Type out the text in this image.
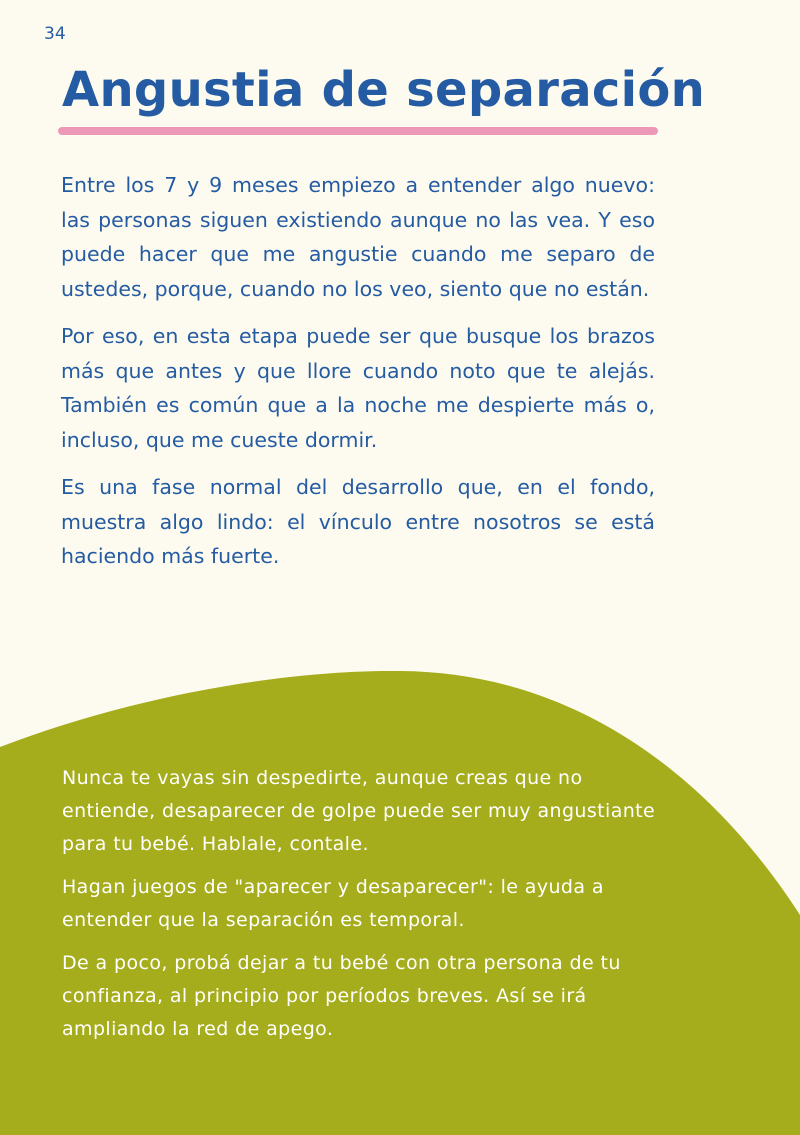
34
Angustia de separación

Entre los 7 y 9 meses empiezo a entender algo nuevo: las personas siguen existiendo aunque no las vea. Y eso puede hacer que me angustie cuando me separo de ustedes, porque, cuando no los veo, siento que no están.

Por eso, en esta etapa puede ser que busque los brazos más que antes y que llore cuando noto que te alejás. También es común que a la noche me despierte más o, incluso, que me cueste dormir.

Es una fase normal del desarrollo que, en el fondo, muestra algo lindo: el vínculo entre nosotros se está haciendo más fuerte.

Nunca te vayas sin despedirte, aunque creas que no entiende, desaparecer de golpe puede ser muy angustiante para tu bebé. Hablale, contale.

Hagan juegos de "aparecer y desaparecer": le ayuda a entender que la separación es temporal.

De a poco, probá dejar a tu bebé con otra persona de tu confianza, al principio por períodos breves. Así se irá ampliando la red de apego.
